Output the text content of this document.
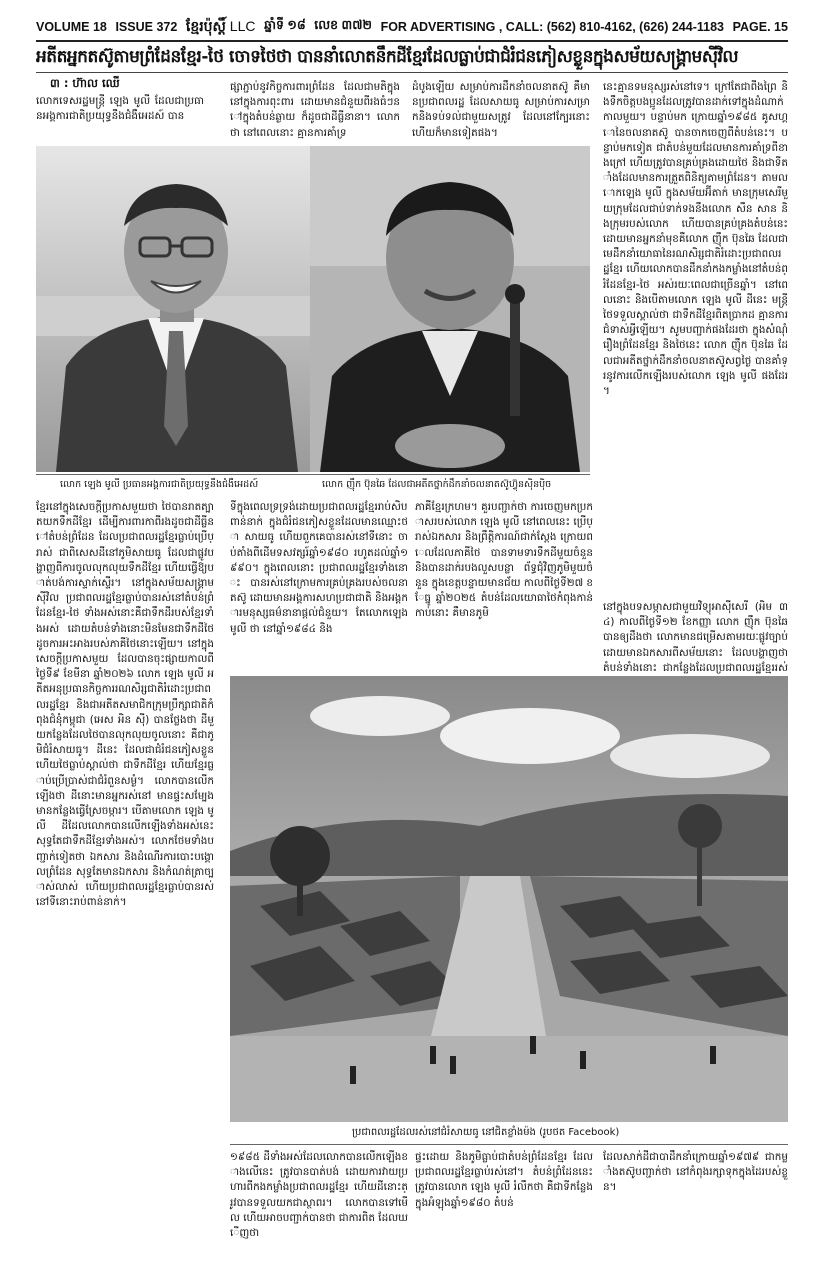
VOLUME 18 ISSUE 372 ខ្មែរប៉ុស្ដិ៍ LLC ឆ្នាំទី ១៨ លេខ ៣៧២ FOR ADVERTISING , CALL: (562) 810-4162, (626) 244-1183 PAGE. 15
អតីតអ្នកតស៊ូតាមព្រំដែនខ្មែរ-ថៃ ចោទថៃថា បាននាំលោតនឹកដីខ្មែរដែលធ្លាប់ជាជំរំជនភៀសខ្លួនក្នុងសម័យសង្គ្រាមស៊ីវិល
៣ : ហ៊ាល ឈើ
លោកទេសរដ្ឋមន្ត្រី ឡេង មូលី ដែលជាប្រធានអង្គការជាតិប្រយុទ្ធនឹងជំងឺអេដស៍ បាន
ផ្សាភ្ជាប់នូវកិច្ចការពារព្រំដែន ដែលជាមតិក្នុងនៅក្នុងការពុះពារ ដោយមានជំនួយពីរងធំៗនៅក្នុងតំបន់ឆ្ងាយ ក៏ដូចជាដីធ្លីនានា។ លោកថា នៅពេលនោះ គ្មានការគាំទ្រ
ដំបូងឡើយ សម្រាប់ការដឹកនាំចលនាតស៊ូ គឺមានប្រជាពលរដ្ឋ ដែលសាយធូ សម្រាប់ការសម្រាកនិងទប់ទល់ជាមួយសត្រូវ ដែលនៅក្បែរនោះ ហើយក៏មានទៀតផង។
នេះគ្មានទមនុស្សរស់នៅទេ។ ក្រៅតែជាពីងព្រៃ និងទឹកចិត្តបងប្អូនដែលត្រូវបានដាក់ទៅក្នុងដំណាក់កាលមួយ។ បន្ទាប់មក ក្រោយឆ្នាំ១៩៨៥ គូសហ្គោនៃចលនាតស៊ូ បានចាកចេញពីតំបន់នេះ។ បន្ទាប់មកទៀត ជាតំបន់មួយដែលមានការគាំទ្រពីខាងក្រៅ ហើយត្រូវបានគ្រប់គ្រងដោយថៃ និងជាទីតាំងដែលមានការត្រួតពិនិត្យតាមព្រំដែន។ តាមលោកឡេង មូលី ក្នុងសម័យអ៊ីតាក់ មានក្រុមសេរីមួយក្រុមដែលជាប់ទាក់ទងនឹងលោក សឺន សាន និងក្រុមរបស់លោក ហើយបានគ្រប់គ្រងតំបន់នេះ ដោយមានអ្នកនាំមុខគឺលោក ញ៉ឹក ប៊ុនឆៃ ដែលជាមេដឹកនាំយោធានៃរណសិរ្សជាតិរំដោះប្រជាពលរដ្ឋខ្មែរ ហើយលោកបានដឹកនាំកងកម្លាំងនៅតំបន់ព្រំដែនខ្មែរ-ថៃ អស់រយៈពេលជាច្រើនឆ្នាំ។ នៅពេលនោះ និងបើតាមលោក ឡេង មូលី ដីនេះ មន្ត្រីថៃទទួលស្គាល់ថា ជាទឹកដីខ្មែរពិតប្រាកដ គ្មានការជំទាស់អ្វីឡើយ។ សូមបញ្ជាក់ផងដែរថា ក្នុងសំណុំរឿងព្រំដែនខ្មែរ និងថៃនេះ លោក ញ៉ឹក ប៊ុនឆៃ ដែលជាអតីតថ្នាក់ដឹកនាំចលនាតស៊ូសព្វថ្ងៃ បានគាំទ្រនូវការលើកឡើងរបស់លោក ឡេង មូលី ផងដែរ។
លោក ឡេង មូលី ប្រធានអង្គការជាតិប្រយុទ្ធនឹងជំងឺអេដស៍	លោក ញ៉ឹក ប៊ុនឆៃ ដែលជាអតីតថ្នាក់ដឹកនាំចលនាតស៊ូហ៊្វុនស៊ិនប៉ិច
ខ្មែរនៅក្នុងសេចក្តីប្រកាសមួយថា ថៃបានរាតត្បាតយកទឹកដីខ្មែរ ដើម្បីការពារកាពីរងដូចជាដីធ្លីនៅតំបន់ព្រំដែន ដែលប្រជាពលរដ្ឋខ្មែរធ្លាប់ប្រើប្រាស់ ជាពិសេសដីនៅភូមិសាយធូ ដែលជាផ្លូវបង្ហាញពីការចូលលុកលុយទឹកដីខ្មែរ ហើយធ្វើឱ្យបាត់បង់ការស្ទាក់ស្ទើរ។ នៅក្នុងសម័យសង្គ្រាមស៊ីវិល ប្រជាពលរដ្ឋខ្មែរធ្លាប់បានរស់នៅតំបន់ព្រំដែនខ្មែរ-ថៃ ទាំងអស់នោះគឺជាទឹកដីរបស់ខ្មែរទាំងអស់ ដោយតំបន់ទាំងនោះមិនមែនជាទឹកដីថៃ ដូចការអះអាងរបស់ភាគីថៃនោះឡើយ។ នៅក្នុងសេចក្តីប្រកាសមួយ ដែលបានចុះផ្សាយកាលពីថ្ងៃទី៩ ខែមីនា ឆ្នាំ២០២៦ លោក ឡេង មូលី អតីតអនុប្រធានកិច្ចការរណសិរ្សជាតិរំដោះប្រជាពលរដ្ឋខ្មែរ និងជាអតីតសមាជិកក្រុមប្រឹក្សាជាតិកំពុងជំនុំកម្ពុជា (អេស អិន ស៊ី) បានថ្លែងថា ដីមួយកន្លែងដែលថៃបានលុកលុយចូលនោះ គឺជាភូមិជំរំសាយធូ។ ដីនេះ ដែលជាជំរំជនភៀសខ្លួន ហើយថៃធ្លាប់ស្គាល់ថា ជាទឹកដីខ្មែរ ហើយខ្មែរធ្លាប់ប្រើប្រាស់ជាជំរំពួនសម្ងំ។ លោកបានលើកឡើងថា ដីនោះមានអ្នករស់នៅ មានផ្ទះសម្បែង មានកន្លែងធ្វើស្រែចម្ការ។ បើតាមលោក ឡេង មូលី ដីដែលលោកបានលើកឡើងទាំងអស់នេះ សុទ្ធតែជាទឹកដីខ្មែរទាំងអស់។ លោកថែមទាំងបញ្ជាក់ទៀតថា ឯកសារ និងដំណើរការបោះបង្គោលព្រំដែន សុទ្ធតែមានឯកសារ និងកំណត់ត្រាច្បាស់លាស់ ហើយប្រជាពលរដ្ឋខ្មែរធ្លាប់បានរស់នៅទីនោះរាប់ពាន់នាក់។
ទីក្នុងពេលទ្រទ្រង់ដោយប្រជាពលរដ្ឋខ្មែររាប់សិបពាន់នាក់ ក្នុងជំរំជនភៀសខ្លួនដែលមានឈ្មោះថា សាយធូ ហើយពួកគេបានរស់នៅទីនោះ ចាប់តាំងពីដើមទសវត្សរ៍ឆ្នាំ១៩៨០ រហូតដល់ឆ្នាំ១៩៩០។ ក្នុងពេលនោះ ប្រជាពលរដ្ឋខ្មែរទាំងនោះ បានរស់នៅក្រោមការគ្រប់គ្រងរបស់ចលនាតស៊ូ ដោយមានអង្គការសហប្រជាជាតិ និងអង្គការមនុស្សធម៌នានាផ្តល់ជំនួយ។ តែលោកឡេង មូលី ថា នៅឆ្នាំ១៩៨៤ និង
ភាគីខ្មែរក្រហម។ គួរបញ្ជាក់ថា ការចេញមកប្រកាសរបស់លោក ឡេង មូលី នៅពេលនេះ ប្រើប្រាស់ឯកសារ និងព្រឹត្តិការណ៍ជាក់ស្តែង ក្រោយពេលដែលភាគីថៃ បានទាមទារទឹកដីមួយចំនួន និងបានដាក់របងលួសបន្លា ព័ទ្ធជុំវិញភូមិមួយចំនួន ក្នុងខេត្តបន្ទាយមានជ័យ កាលពីថ្ងៃទី២៧ ខែធ្នូ ឆ្នាំ២០២៥ តំបន់ដែលយោធាថៃកំពុងកាន់កាប់នោះ គឺមានភូមិ
នៅក្នុងបទសម្ភាសជាមួយវិទ្យុអាស៊ីសេរី (អិម ៣៤) កាលពីថ្ងៃទី១២ ខែកញ្ញា លោក ញ៉ឹក ប៊ុនឆៃ បានឲ្យដឹងថា លោកមានជម្រើសតាមរយៈផ្លូវច្បាប់ ដោយមានឯកសារពីសម័យនោះ ដែលបង្ហាញថា តំបន់ទាំងនោះ ជាកន្លែងដែលប្រជាពលរដ្ឋខ្មែររស់
ប្រជាពលរដ្ឋដែលរស់នៅជំរំសាយធូ នៅជិតខ្លាំងម៉ង (រូបថត Facebook)
១៩៨៥ ដីទាំងអស់ដែលលោកបានលើកឡើងខាងលើនេះ ត្រូវបានបាត់បង់ ដោយការវាយប្រហារពីកងកម្លាំងប្រជាពលរដ្ឋខ្មែរ ហើយដីនោះត្រូវបានទទួលយកជាស្ថាពរ។ លោកបានទៅមើល ហើយអាចបញ្ជាក់បានថា ជាការពិត ដែលឃើញថា
ផ្ទះដោយ និងភូមិធ្លាប់ជាតំបន់ព្រំដែនខ្មែរ ដែលប្រជាពលរដ្ឋខ្មែរធ្លាប់រស់នៅ។ តំបន់ព្រំដែននេះ ត្រូវបានលោក ឡេង មូលី រំលឹកថា គឺជាទីកន្លែងក្នុងអំឡុងឆ្នាំ១៩៨០ តំបន់
ដែលសាក់ដីជាបាដឹកនាំក្រោយឆ្នាំ១៩៧៩ ជាកម្លាំងតស៊ូបញ្ជាក់ថា នៅកំពុងរក្សាទុកក្នុងដៃរបស់ខ្លួន។
